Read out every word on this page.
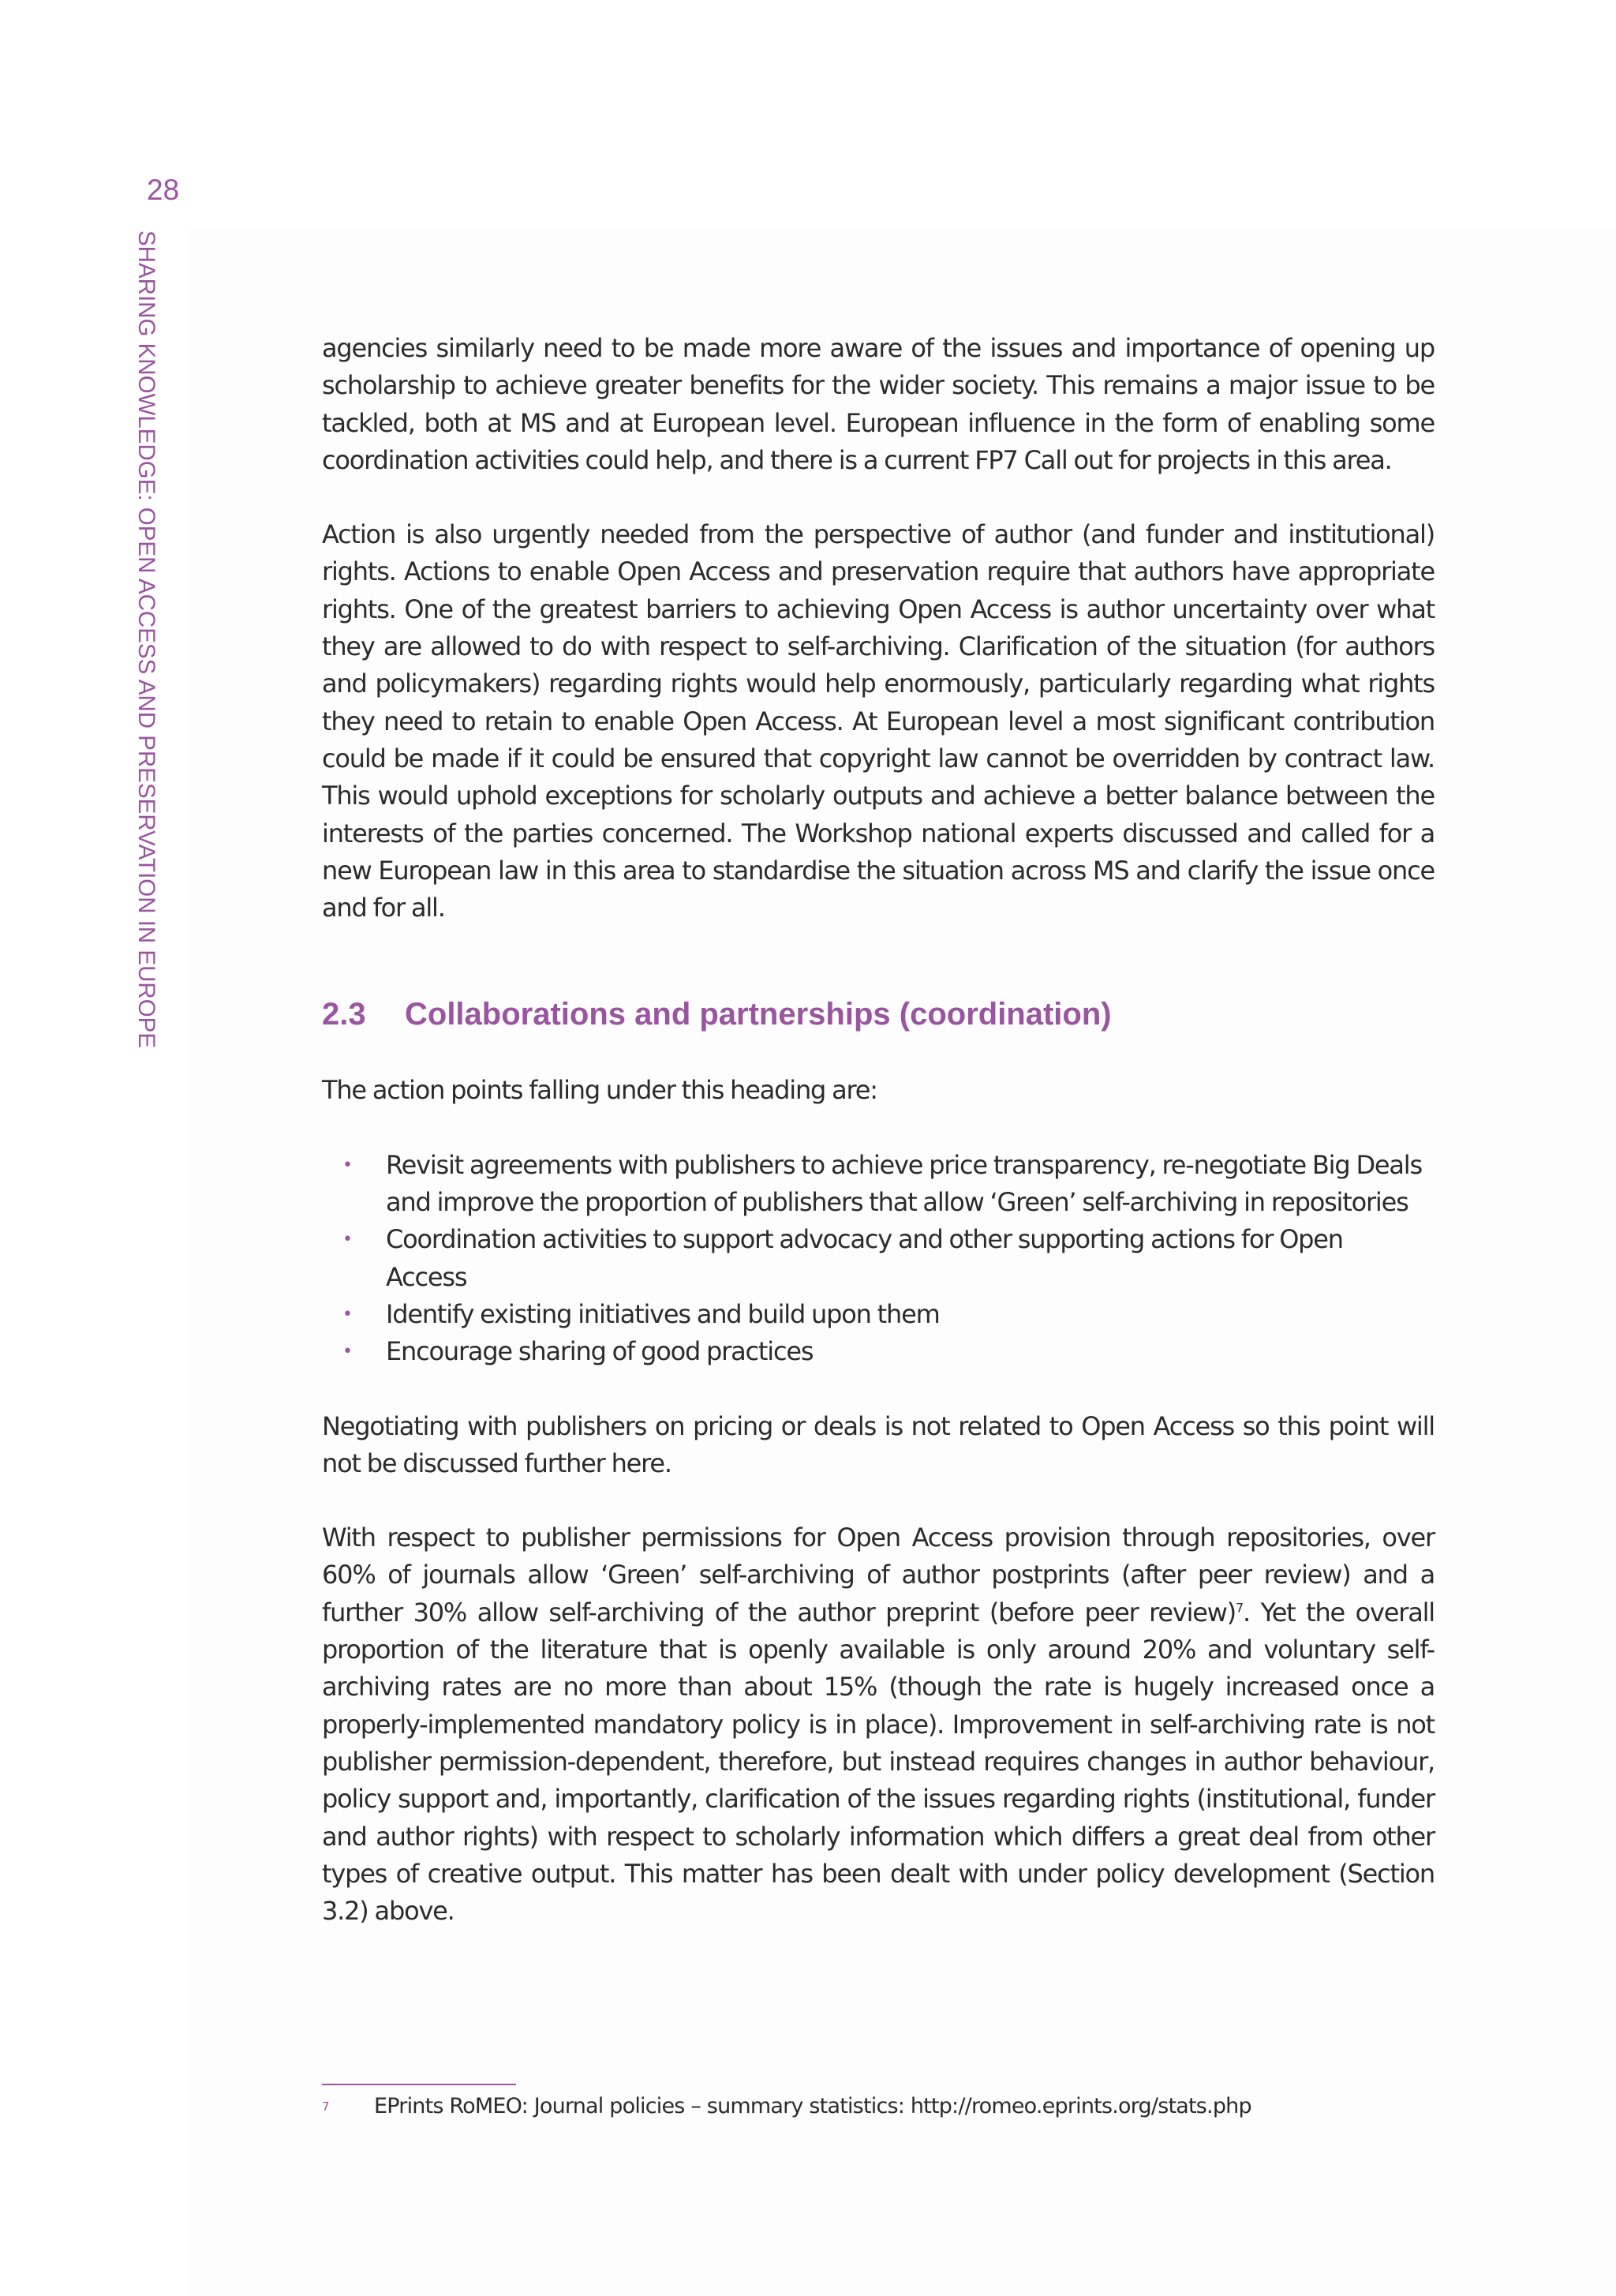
28
SHARING KNOWLEDGE: OPEN ACCESS AND PRESERVATION IN EUROPE	agencies similarly need to be made more aware of the issues and importance of opening up scholarship to achieve greater benefits for the wider society. This remains a major issue to be tackled, both at MS and at European level. European influence in the form of enabling some coordination activities could help, and there is a current FP7 Call out for projects in this area.

Action is also urgently needed from the perspective of author (and funder and institutional) rights. Actions to enable Open Access and preservation require that authors have appropriate rights. One of the greatest barriers to achieving Open Access is author uncertainty over what they are allowed to do with respect to self-archiving. Clarification of the situation (for authors and policymakers) regarding rights would help enormously, particularly regarding what rights they need to retain to enable Open Access. At European level a most significant contribution could be made if it could be ensured that copyright law cannot be overridden by contract law. This would uphold exceptions for scholarly outputs and achieve a better balance between the interests of the parties concerned. The Workshop national experts discussed and called for a new European law in this area to standardise the situation across MS and clarify the issue once and for all.

2.3 Collaborations and partnerships (coordination)

The action points falling under this heading are:

• Revisit agreements with publishers to achieve price transparency, re-negotiate Big Deals and improve the proportion of publishers that allow ‘Green’ self-archiving in repositories
• Coordination activities to support advocacy and other supporting actions for Open Access
• Identify existing initiatives and build upon them
• Encourage sharing of good practices

Negotiating with publishers on pricing or deals is not related to Open Access so this point will not be discussed further here.

With respect to publisher permissions for Open Access provision through repositories, over 60% of journals allow ‘Green’ self-archiving of author postprints (after peer review) and a further 30% allow self-archiving of the author preprint (before peer review)$^7$. Yet the overall proportion of the literature that is openly available is only around 20% and voluntary self-archiving rates are no more than about 15% (though the rate is hugely increased once a properly-implemented mandatory policy is in place). Improvement in self-archiving rate is not publisher permission-dependent, therefore, but instead requires changes in author behaviour, policy support and, importantly, clarification of the issues regarding rights (institutional, funder and author rights) with respect to scholarly information which differs a great deal from other types of creative output. This matter has been dealt with under policy development (Section 3.2) above.

7 EPrints RoMEO: Journal policies – summary statistics: http://romeo.eprints.org/stats.php
